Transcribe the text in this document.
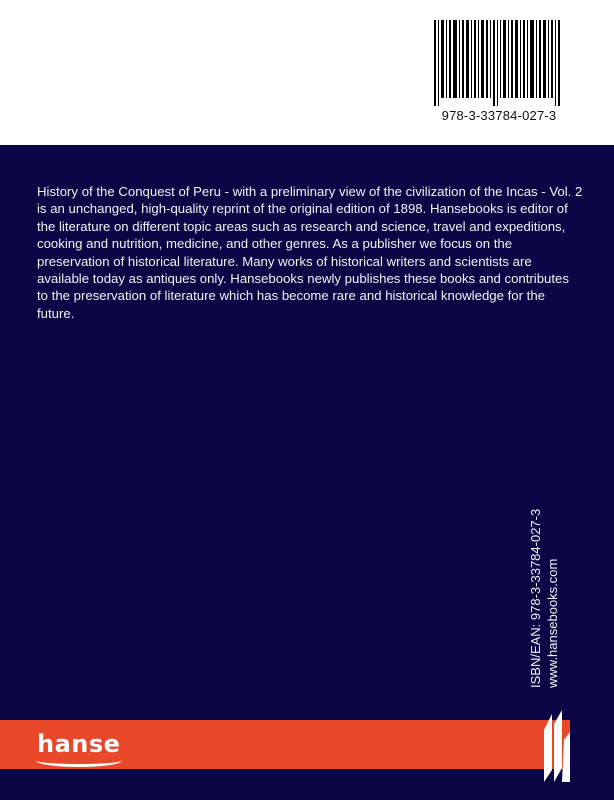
978-3-33784-027-3

History of the Conquest of Peru - with a preliminary view of the civilization of the Incas - Vol. 2 is an unchanged, high-quality reprint of the original edition of 1898. Hansebooks is editor of the literature on different topic areas such as research and science, travel and expeditions, cooking and nutrition, medicine, and other genres. As a publisher we focus on the preservation of historical literature. Many works of historical writers and scientists are available today as antiques only. Hansebooks newly publishes these books and contributes to the preservation of literature which has become rare and historical knowledge for the future.

ISBN/EAN: 978-3-33784-027-3 www.hansebooks.com
hanse
